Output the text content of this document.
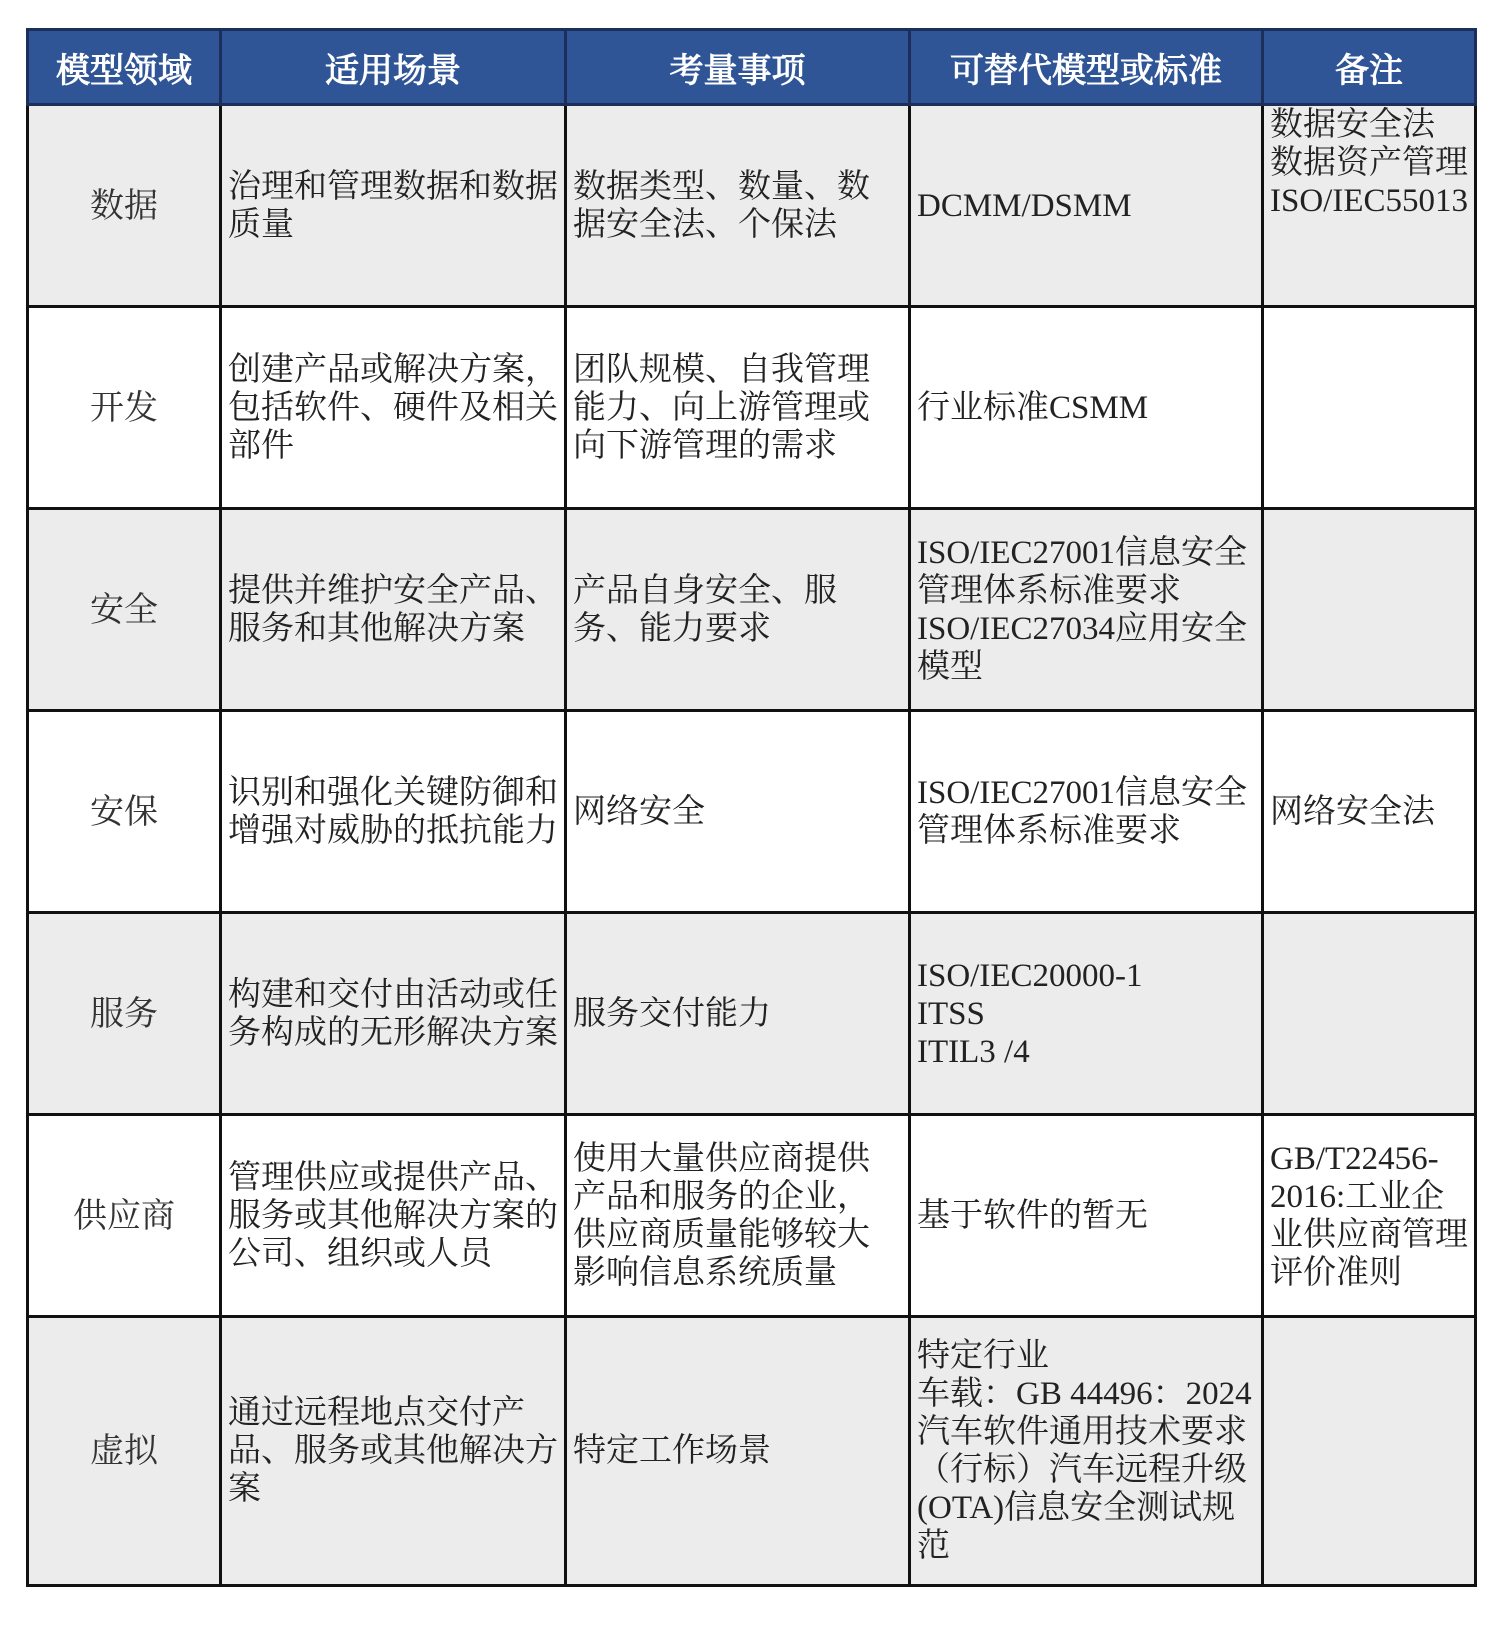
模型领域	适用场景	考量事项	可替代模型或标准	备注

数据	治理和管理数据和数据质量	数据类型、数量、数据安全法、个保法	DCMM/DSMM	数据安全法
数据资产管理
ISO/IEC55013

开发	创建产品或解决方案，包括软件、硬件及相关部件	团队规模、自我管理能力、向上游管理或向下游管理的需求	行业标准CSMM	

安全	提供并维护安全产品、服务和其他解决方案	产品自身安全、服务、能力要求	ISO/IEC27001信息安全管理体系标准要求
ISO/IEC27034应用安全模型	

安保	识别和强化关键防御和增强对威胁的抵抗能力	网络安全	ISO/IEC27001信息安全管理体系标准要求	网络安全法

服务	构建和交付由活动或任务构成的无形解决方案	服务交付能力	ISO/IEC20000-1
ITSS
ITIL3 /4	

供应商	管理供应或提供产品、服务或其他解决方案的公司、组织或人员	使用大量供应商提供产品和服务的企业，供应商质量能够较大影响信息系统质量	基于软件的暂无	GB/T22456-2016:工业企业供应商管理评价准则

虚拟	通过远程地点交付产品、服务或其他解决方案	特定工作场景	特定行业
车载：GB 44496：2024汽车软件通用技术要求（行标）汽车远程升级(OTA)信息安全测试规范	
